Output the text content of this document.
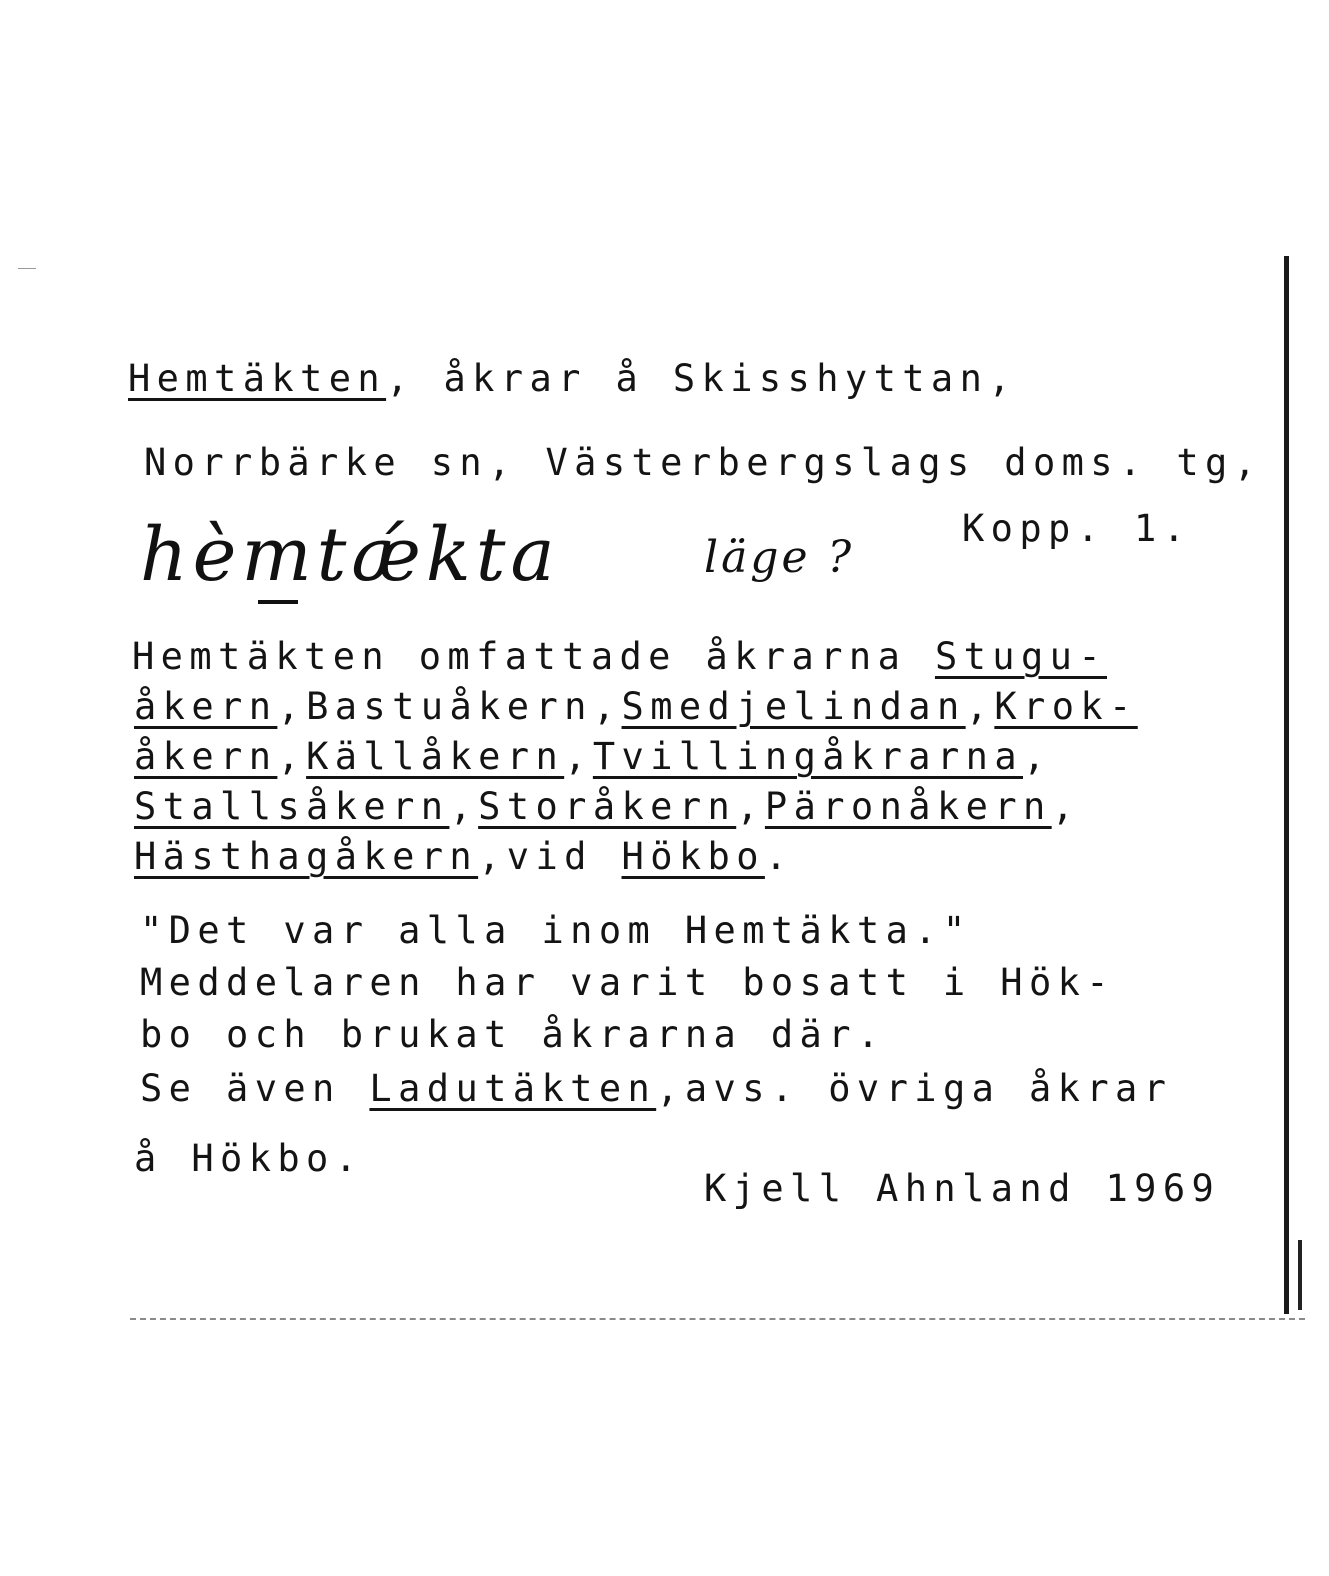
Hemtäkten, åkrar å Skisshyttan,
Norrbärke sn, Västerbergslags doms. tg,
hèmtǽkta	läge ?
Kopp. 1.
Hemtäkten omfattade åkrarna Stugu-
åkern,Bastuåkern,Smedjelindan,Krok-
åkern,Källåkern,Tvillingåkrarna,
Stallsåkern,Storåkern,Päronåkern,
Hästhagåkern,vid Hökbo.
"Det var alla inom Hemtäkta."
Meddelaren har varit bosatt i Hök-
bo och brukat åkrarna där.
Se även Ladutäkten,avs. övriga åkrar
å Hökbo.
Kjell Ahnland 1969
